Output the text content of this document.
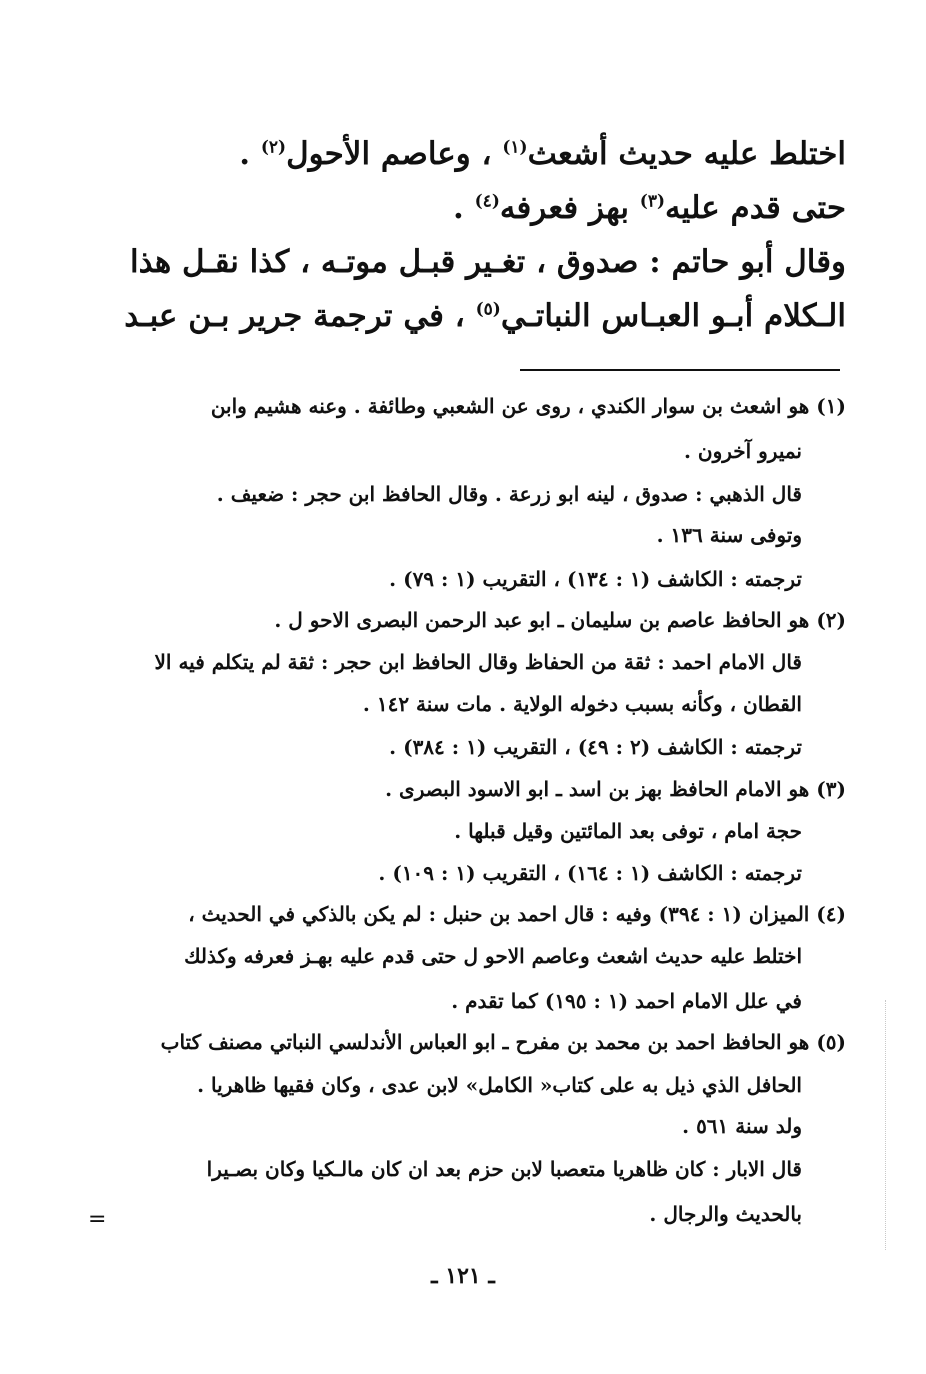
اختلط عليه حديث أشعث$^{(١)}$ ، وعاصم الأحول$^{(٢)}$ .
حتى قدم عليه$^{(٣)}$ بهز فعرفه$^{(٤)}$ .
وقال أبو حاتم : صدوق ، تغـير قبـل موتـه ، كذا نقـل هذا
الـكلام أبـو العبـاس النباتـي$^{(٥)}$ ، في ترجمة جرير بـن عبـد
(١) هو اشعث بن سوار الكندي ، روى عن الشعبي وطائفة . وعنه هشيم وابن
نميرو آخرون .
قال الذهبي : صدوق ، لينه ابو زرعة . وقال الحافظ ابن حجر : ضعيف .
وتوفى سنة ١٣٦ .
ترجمته : الكاشف (١ : ١٣٤) ، التقريب (١ : ٧٩) .
(٢) هو الحافظ عاصم بن سليمان ـ ابو عبد الرحمن البصرى الاحو ل .
قال الامام احمد : ثقة من الحفاظ وقال الحافظ ابن حجر : ثقة لم يتكلم فيه الا
القطان ، وكأنه بسبب دخوله الولاية . مات سنة ١٤٢ .
ترجمته : الكاشف (٢ : ٤٩) ، التقريب (١ : ٣٨٤) .
(٣) هو الامام الحافظ بهز بن اسد ـ ابو الاسود البصرى .
حجة امام ، توفى بعد المائتين وقيل قبلها .
ترجمته : الكاشف (١ : ١٦٤) ، التقريب (١ : ١٠٩) .
(٤) الميزان (١ : ٣٩٤) وفيه : قال احمد بن حنبل : لم يكن بالذكي في الحديث ،
اختلط عليه حديث اشعث وعاصم الاحو ل حتى قدم عليه بهـز فعرفه وكذلك
في علل الامام احمد (١ : ١٩٥) كما تقدم .
(٥) هو الحافظ احمد بن محمد بن مفرح ـ ابو العباس الأندلسي النباتي مصنف كتاب
الحافل الذي ذيل به على كتاب« الكامل» لابن عدى ، وكان فقيها ظاهريا .
ولد سنة ٥٦١ .
قال الابار : كان ظاهريا متعصبا لابن حزم بعد ان كان مالـكيا وكان بصـيرا
بالحديث والرجال .
=
ـ ١٢١ ـ
